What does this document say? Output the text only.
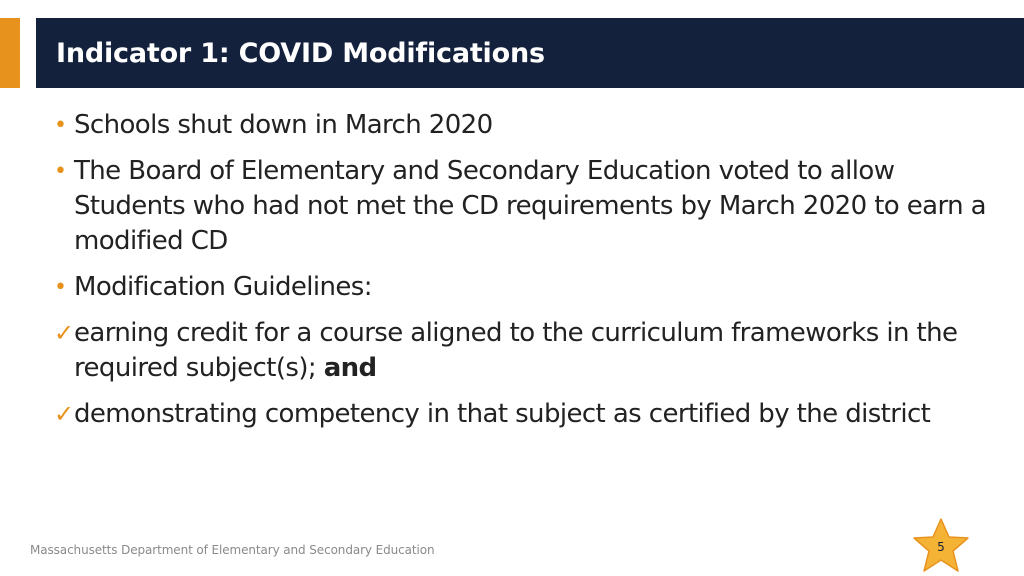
Indicator 1: COVID Modifications
• Schools shut down in March 2020
• The Board of Elementary and Secondary Education voted to allow Students who had not met the CD requirements by March 2020 to earn a modified CD
• Modification Guidelines:
✓ earning credit for a course aligned to the curriculum frameworks in the required subject(s); and
✓ demonstrating competency in that subject as certified by the district
Massachusetts Department of Elementary and Secondary Education	5
